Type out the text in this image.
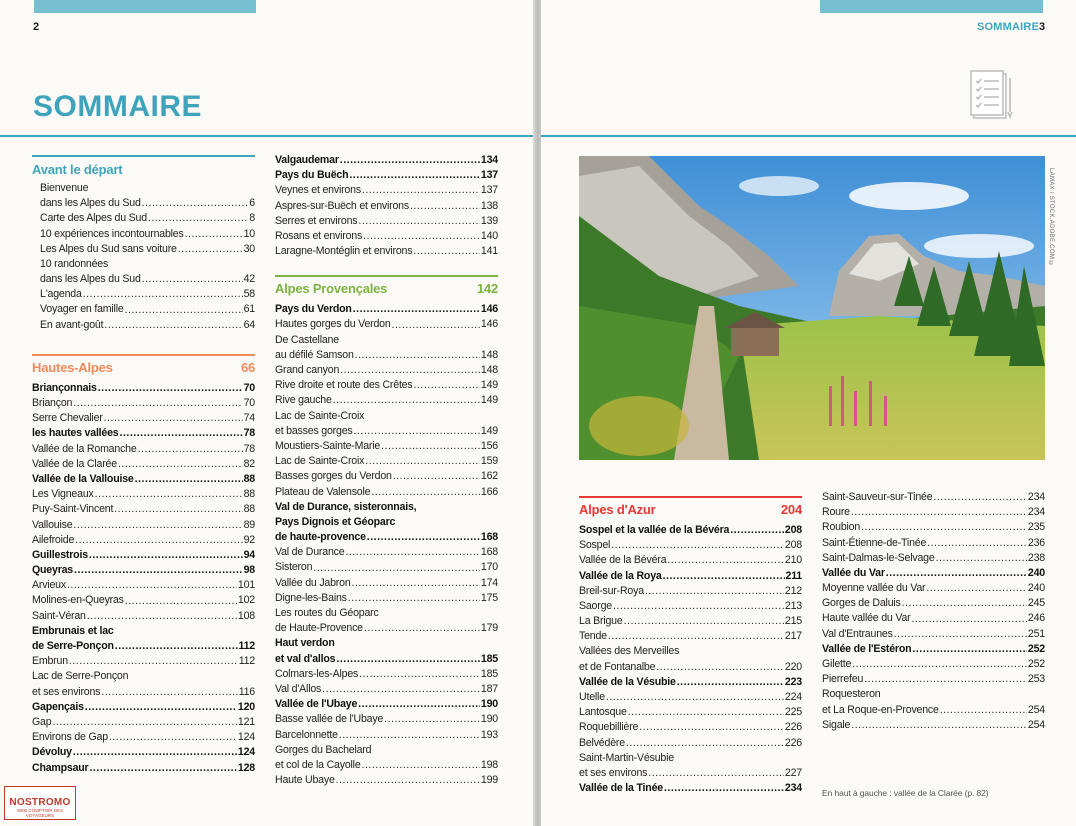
2
SOMMAIRE
Avant le départ
Bienvenue
dans les Alpes du Sud .....	6
Carte des Alpes du Sud .....	8
10 expériences incontournables .....	10
Les Alpes du Sud sans voiture .....	30
10 randonnées
dans les Alpes du Sud .....	42
L'agenda .....	58
Voyager en famille .....	61
En avant-goût .....	64
Hautes-Alpes	66
Briançonnais .....	70
Briançon .....	70
Serre Chevalier .....	74
les hautes vallées .....	78
Vallée de la Romanche .....	78
Vallée de la Clarée .....	82
Vallée de la Vallouise .....	88
Les Vigneaux .....	88
Puy-Saint-Vincent .....	88
Vallouise .....	89
Ailefroide .....	92
Guillestrois .....	94
Queyras .....	98
Arvieux .....	101
Molines-en-Queyras .....	102
Saint-Véran .....	108
Embrunais et lac
de Serre-Ponçon .....	112
Embrun .....	112
Lac de Serre-Ponçon
et ses environs .....	116
Gapençais .....	120
Gap .....	121
Environs de Gap .....	124
Dévoluy .....	124
Champsaur .....	128
Valgaudemar .....	134
Pays du Buëch .....	137
Veynes et environs .....	137
Aspres-sur-Buëch et environs .....	138
Serres et environs .....	139
Rosans et environs .....	140
Laragne-Montéglin et environs .....	141
Alpes Provençales	142
Pays du Verdon .....	146
Hautes gorges du Verdon .....	146
De Castellane
au défilé Samson .....	148
Grand canyon .....	148
Rive droite et route des Crêtes .....	149
Rive gauche .....	149
Lac de Sainte-Croix
et basses gorges .....	149
Moustiers-Sainte-Marie .....	156
Lac de Sainte-Croix .....	159
Basses gorges du Verdon .....	162
Plateau de Valensole .....	166
Val de Durance, sisteronnais,
Pays Dignois et Géoparc
de haute-provence .....	168
Val de Durance .....	168
Sisteron .....	170
Vallée du Jabron .....	174
Digne-les-Bains .....	175
Les routes du Géoparc
de Haute-Provence .....	179
Haut verdon
et val d'allos .....	185
Colmars-les-Alpes .....	185
Val d'Allos .....	187
Vallée de l'Ubaye .....	190
Basse vallée de l'Ubaye .....	190
Barcelonnette .....	193
Gorges du Bachelard
et col de la Cayolle .....	198
Haute Ubaye .....	199
NOSTROMO
WEB COMPTOIR DES VOYAGEURS
SOMMAIRE 3
LAMAX / STOCK.ADOBE.COM ©
Alpes d'Azur	204
Sospel et la vallée de la Bévéra .....	208
Sospel .....	208
Vallée de la Bévéra .....	210
Vallée de la Roya .....	211
Breil-sur-Roya .....	212
Saorge .....	213
La Brigue .....	215
Tende .....	217
Vallées des Merveilles
et de Fontanalbe .....	220
Vallée de la Vésubie .....	223
Utelle .....	224
Lantosque .....	225
Roquebillière .....	226
Belvédère .....	226
Saint-Martin-Vésubie
et ses environs .....	227
Vallée de la Tinée .....	234
Saint-Sauveur-sur-Tinée .....	234
Roure .....	234
Roubion .....	235
Saint-Étienne-de-Tinée .....	236
Saint-Dalmas-le-Selvage .....	238
Vallée du Var .....	240
Moyenne vallée du Var .....	240
Gorges de Daluis .....	245
Haute vallée du Var .....	246
Val d'Entraunes .....	251
Vallée de l'Estéron .....	252
Gilette .....	252
Pierrefeu .....	253
Roquesteron
et La Roque-en-Provence .....	254
Sigale .....	254
En haut à gauche : vallée de la Clarée (p. 82)
